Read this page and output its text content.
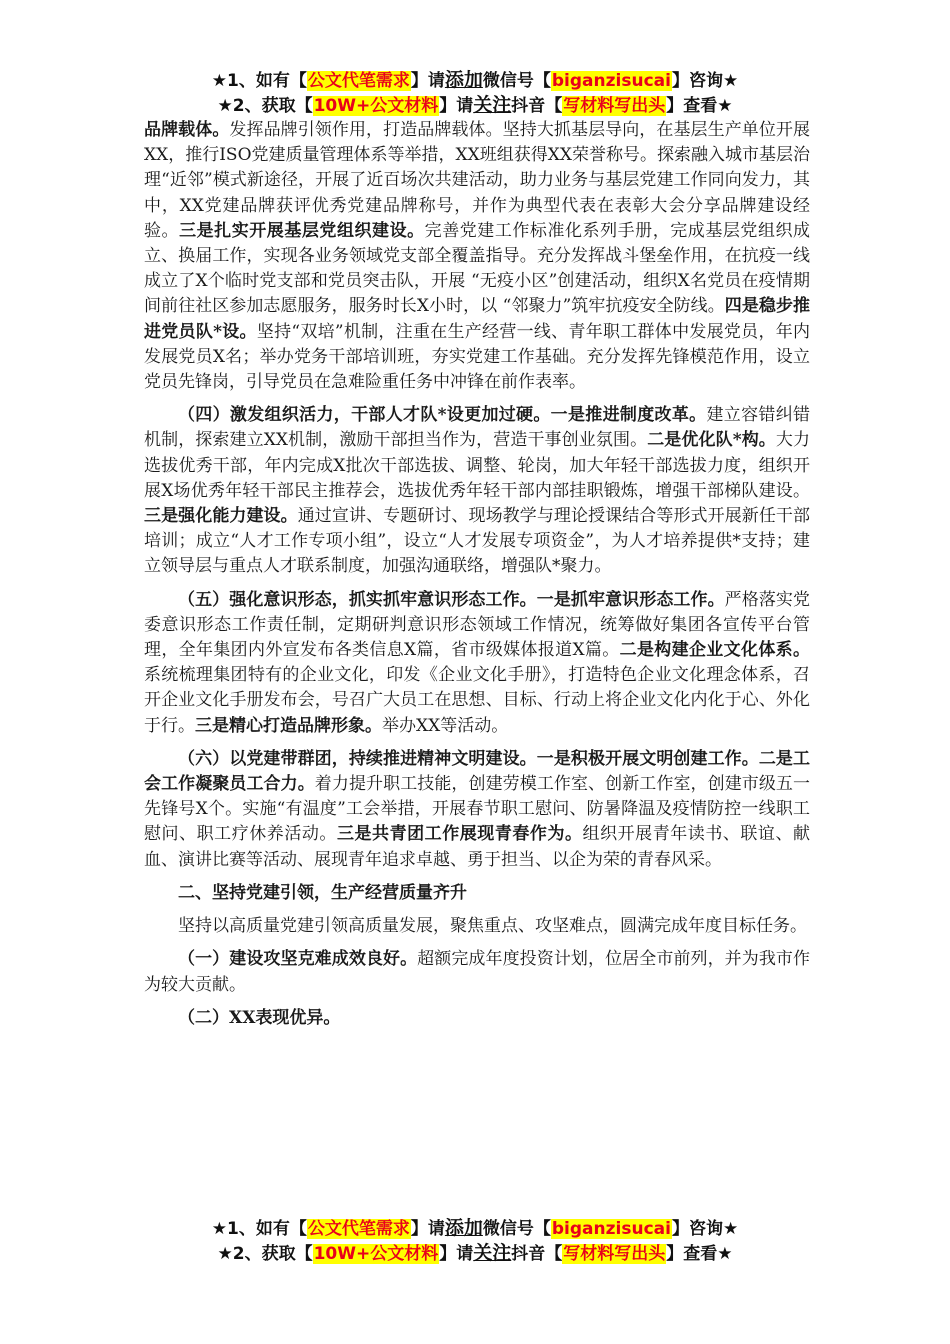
★1、如有【公文代笔需求】请添加微信号【biganzisucai】咨询★
★2、获取【10W+公文材料】请关注抖音【写材料写出头】查看★

品牌载体。发挥品牌引领作用，打造品牌载体。坚持大抓基层导向，在基层生产单位开展XX，推行ISO党建质量管理体系等举措，XX班组获得XX荣誉称号。探索融入城市基层治理“近邻”模式新途径，开展了近百场次共建活动，助力业务与基层党建工作同向发力，其中，XX党建品牌获评优秀党建品牌称号，并作为典型代表在表彰大会分享品牌建设经验。三是扎实开展基层党组织建设。完善党建工作标准化系列手册，完成基层党组织成立、换届工作，实现各业务领域党支部全覆盖指导。充分发挥战斗堡垒作用，在抗疫一线成立了X个临时党支部和党员突击队，开展 “无疫小区”创建活动，组织X名党员在疫情期间前往社区参加志愿服务，服务时长X小时，以 “邻聚力”筑牢抗疫安全防线。四是稳步推进党员队*设。坚持“双培”机制，注重在生产经营一线、青年职工群体中发展党员，年内发展党员X名；举办党务干部培训班，夯实党建工作基础。充分发挥先锋模范作用，设立党员先锋岗，引导党员在急难险重任务中冲锋在前作表率。

（四）激发组织活力，干部人才队*设更加过硬。一是推进制度改革。建立容错纠错机制，探索建立XX机制，激励干部担当作为，营造干事创业氛围。二是优化队*构。大力选拔优秀干部，年内完成X批次干部选拔、调整、轮岗，加大年轻干部选拔力度，组织开展X场优秀年轻干部民主推荐会，选拔优秀年轻干部内部挂职锻炼，增强干部梯队建设。三是强化能力建设。通过宣讲、专题研讨、现场教学与理论授课结合等形式开展新任干部培训；成立“人才工作专项小组”，设立“人才发展专项资金”，为人才培养提供*支持；建立领导层与重点人才联系制度，加强沟通联络，增强队*聚力。

（五）强化意识形态，抓实抓牢意识形态工作。一是抓牢意识形态工作。严格落实党委意识形态工作责任制，定期研判意识形态领域工作情况，统筹做好集团各宣传平台管理，全年集团内外宣发布各类信息X篇，省市级媒体报道X篇。二是构建企业文化体系。系统梳理集团特有的企业文化，印发《企业文化手册》，打造特色企业文化理念体系，召开企业文化手册发布会，号召广大员工在思想、目标、行动上将企业文化内化于心、外化于行。三是精心打造品牌形象。举办XX等活动。

（六）以党建带群团，持续推进精神文明建设。一是积极开展文明创建工作。二是工会工作凝聚员工合力。着力提升职工技能，创建劳模工作室、创新工作室，创建市级五一先锋号X个。实施“有温度”工会举措，开展春节职工慰问、防暑降温及疫情防控一线职工慰问、职工疗休养活动。三是共青团工作展现青春作为。组织开展青年读书、联谊、献血、演讲比赛等活动、展现青年追求卓越、勇于担当、以企为荣的青春风采。

二、坚持党建引领，生产经营质量齐升

坚持以高质量党建引领高质量发展，聚焦重点、攻坚难点，圆满完成年度目标任务。

（一）建设攻坚克难成效良好。超额完成年度投资计划，位居全市前列，并为我市作为较大贡献。

（二）XX表现优异。

★1、如有【公文代笔需求】请添加微信号【biganzisucai】咨询★
★2、获取【10W+公文材料】请关注抖音【写材料写出头】查看★
